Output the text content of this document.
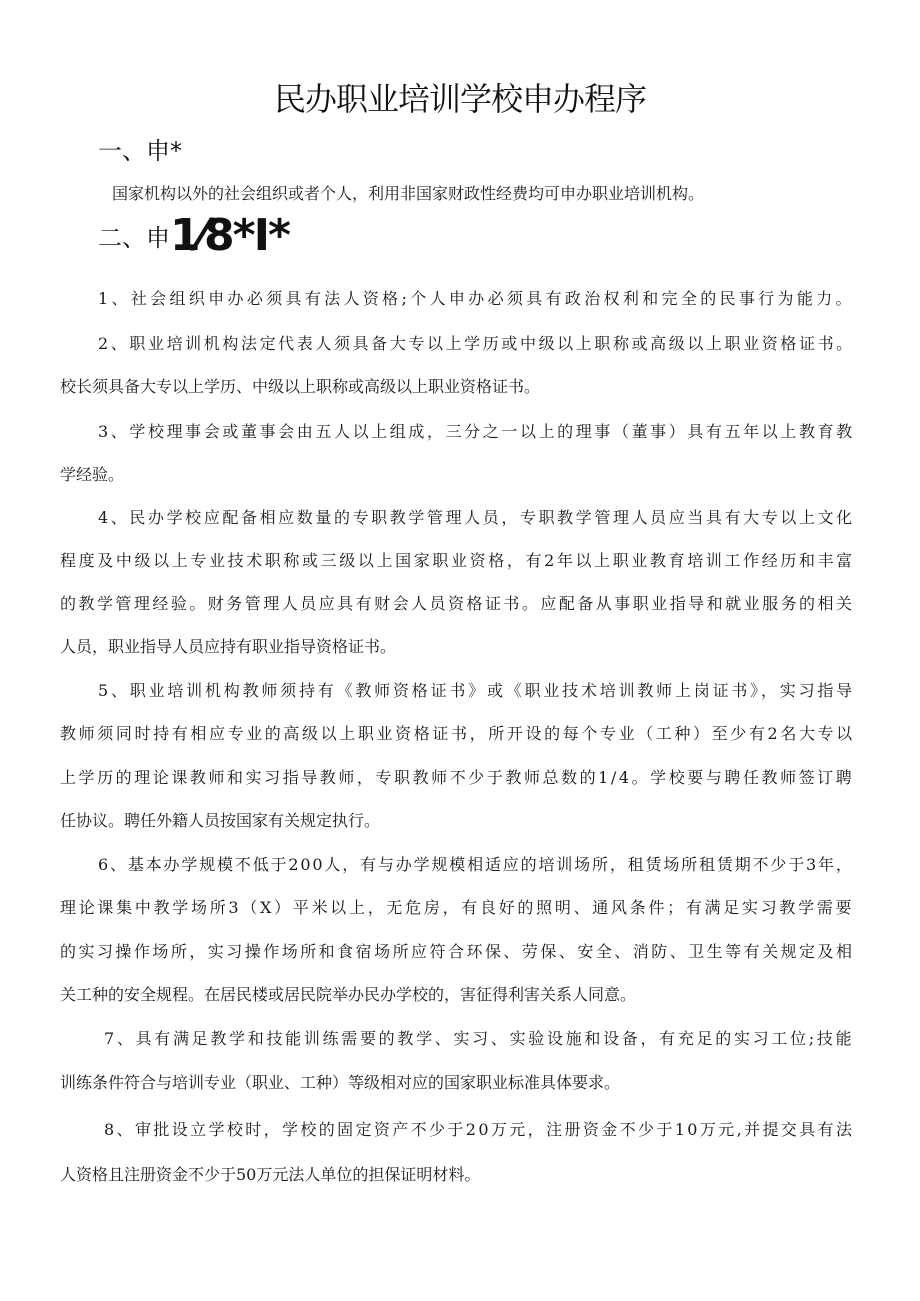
民办职业培训学校申办程序
一、申*
国家机构以外的社会组织或者个人，利用非国家财政性经费均可申办职业培训机构。
二、申1⁄8*I*
1、社会组织申办必须具有法人资格;个人申办必须具有政治权利和完全的民事行为能力。
2、职业培训机构法定代表人须具备大专以上学历或中级以上职称或高级以上职业资格证书。
校长须具备大专以上学历、中级以上职称或高级以上职业资格证书。
3、学校理事会或董事会由五人以上组成，三分之一以上的理事（董事）具有五年以上教育教
学经验。
4、民办学校应配备相应数量的专职教学管理人员，专职教学管理人员应当具有大专以上文化
程度及中级以上专业技术职称或三级以上国家职业资格，有2年以上职业教育培训工作经历和丰富
的教学管理经验。财务管理人员应具有财会人员资格证书。应配备从事职业指导和就业服务的相关
人员，职业指导人员应持有职业指导资格证书。
5、职业培训机构教师须持有《教师资格证书》或《职业技术培训教师上岗证书》，实习指导
教师须同时持有相应专业的高级以上职业资格证书，所开设的每个专业（工种）至少有2名大专以
上学历的理论课教师和实习指导教师，专职教师不少于教师总数的1/4。学校要与聘任教师签订聘
任协议。聘任外籍人员按国家有关规定执行。
6、基本办学规模不低于200人，有与办学规模相适应的培训场所，租赁场所租赁期不少于3年，
理论课集中教学场所3（X）平米以上，无危房，有良好的照明、通风条件；有满足实习教学需要
的实习操作场所，实习操作场所和食宿场所应符合环保、劳保、安全、消防、卫生等有关规定及相
关工种的安全规程。在居民楼或居民院举办民办学校的，害征得利害关系人同意。
7、具有满足教学和技能训练需要的教学、实习、实验设施和设备，有充足的实习工位;技能
训练条件符合与培训专业（职业、工种）等级相对应的国家职业标准具体要求。
8、审批设立学校时，学校的固定资产不少于20万元，注册资金不少于10万元,并提交具有法
人资格且注册资金不少于50万元法人单位的担保证明材料。
